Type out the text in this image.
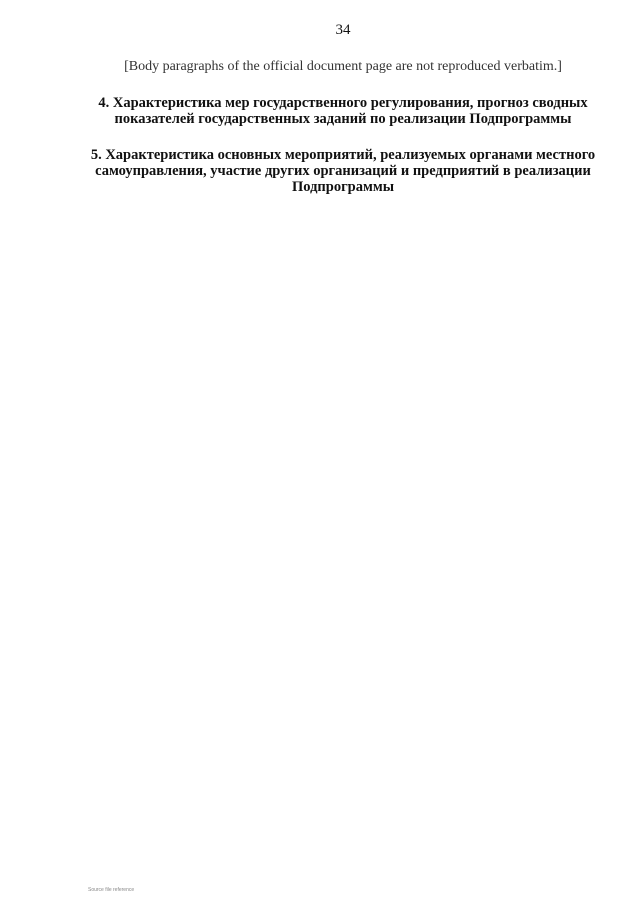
34
[Body paragraphs of the official document page are not reproduced verbatim.]
4. Характеристика мер государственного регулирования, прогноз сводных показателей государственных заданий по реализации Подпрограммы
5. Характеристика основных мероприятий, реализуемых органами местного самоуправления, участие других организаций и предприятий в реализации Подпрограммы
Source file reference
